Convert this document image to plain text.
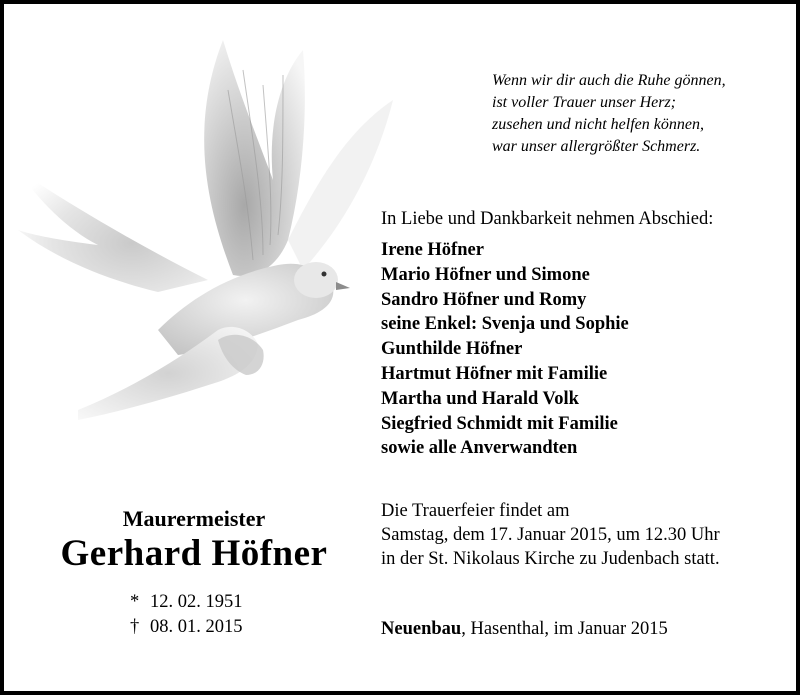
Wenn wir dir auch die Ruhe gönnen,
ist voller Trauer unser Herz;
zusehen und nicht helfen können,
war unser allergrößter Schmerz.
In Liebe und Dankbarkeit nehmen Abschied:
Irene Höfner
Mario Höfner und Simone
Sandro Höfner und Romy
seine Enkel: Svenja und Sophie
Gunthilde Höfner
Hartmut Höfner mit Familie
Martha und Harald Volk
Siegfried Schmidt mit Familie
sowie alle Anverwandten
Die Trauerfeier findet am
Samstag, dem 17. Januar 2015, um 12.30 Uhr
in der St. Nikolaus Kirche zu Judenbach statt.
Neuenbau, Hasenthal, im Januar 2015
Maurermeister
Gerhard Höfner
* 12. 02. 1951
† 08. 01. 2015
